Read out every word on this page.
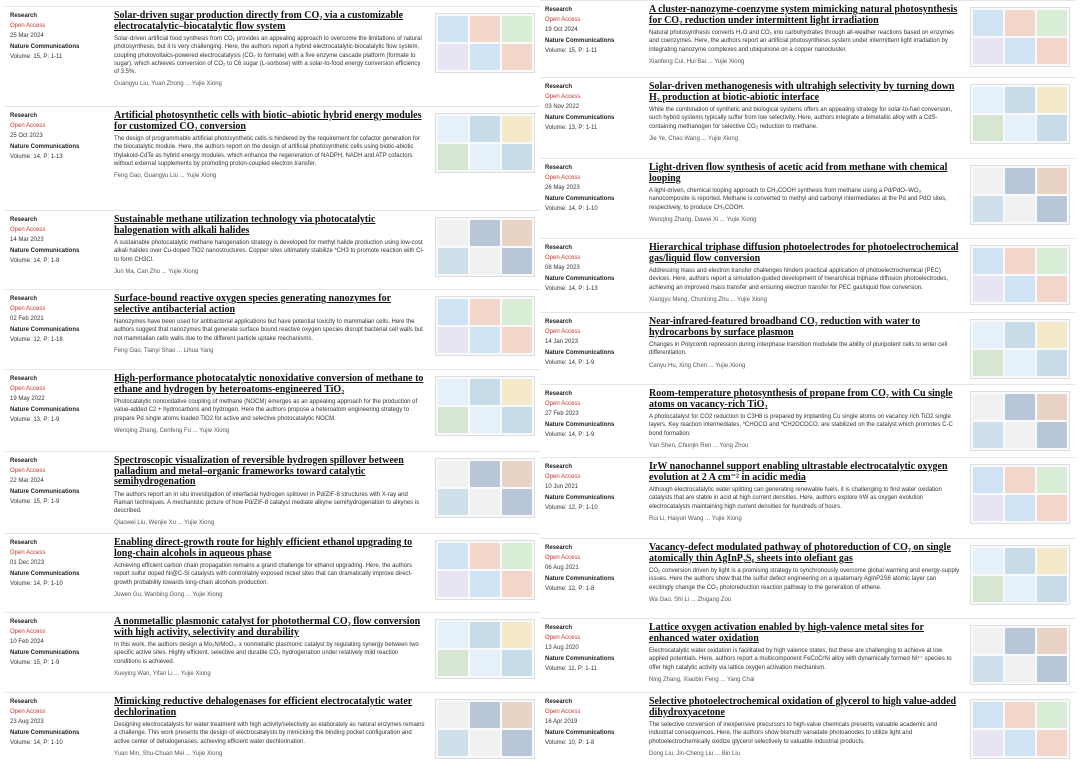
Research
Open Access
25 Mar 2024
Nature Communications
Volume: 15, P: 1-11
Solar-driven sugar production directly from CO₂ via a customizable electrocatalytic–biocatalytic flow system

Solar-driven artificial food synthesis from CO₂ provides an appealing approach to overcome the limitations of natural photosynthesis, but it is very challenging. Here, the authors report a hybrid electrocatalytic-biocatalytic flow system, coupling photovoltaics-powered electrocatalysis (CO₂ to formate) with a five enzyme cascade platform (formate to sugar), which achieves conversion of CO₂ to C6 sugar (L-sorbose) with a solar-to-food energy conversion efficiency of 3.5%.

Guangyu Liu, Yuan Zhong ... Yujie Xiong
Research
Open Access
25 Oct 2023
Nature Communications
Volume: 14, P: 1-13
Artificial photosynthetic cells with biotic–abiotic hybrid energy modules for customized CO₂ conversion

The design of programmable artificial photosynthetic cells is hindered by the requirement for cofactor generation for the biocatalytic module. Here, the authors report on the design of artificial photosynthetic cells using biotic-abiotic thylakoid-CdTe as hybrid energy modules, which enhance the regeneration of NADPH, NADH and ATP cofactors without external supplements by promoting proton-coupled electron transfer.

Feng Gao, Guangyu Liu ... Yujie Xiong
Research
Open Access
14 Mar 2023
Nature Communications
Volume: 14, P: 1-8
Sustainable methane utilization technology via photocatalytic halogenation with alkali halides

A sustainable photocatalytic methane halogenation strategy is developed for methyl halide production using low-cost alkali halides over Cu-doped TiO2 nanostructures. Copper sites ultimately stabilize *CH3 to promote reaction with Cl- to form CH3Cl.

Jun Ma, Can Zhu ... Yujie Xiong
Research
Open Access
02 Feb 2021
Nature Communications
Volume: 12, P: 1-18
Surface-bound reactive oxygen species generating nanozymes for selective antibacterial action

Nanozymes have been used for antibacterial applications but have potential toxicity to mammalian cells. Here the authors suggest that nanozymes that generate surface bound reactive oxygen species disrupt bacterial cell walls but not mammalian cells walls due to the different particle uptake mechanisms.

Feng Gao, Tianyi Shao ... Lihua Yang
Research
Open Access
19 May 2022
Nature Communications
Volume: 13, P: 1-9
High-performance photocatalytic nonoxidative conversion of methane to ethane and hydrogen by heteroatoms-engineered TiO₂

Photocatalytic nonoxidative coupling of methane (NOCM) emerges as an appealing approach for the production of value-added C2 + hydrocarbons and hydrogen. Here the authors propose a heteroatom engineering strategy to prepare Pd single atoms loaded TiO2 for active and selective photocatalytic NOCM.

Wenqing Zhang, Cenfeng Fu ... Yujie Xiong
Research
Open Access
22 Mar 2024
Nature Communications
Volume: 15, P: 1-9
Spectroscopic visualization of reversible hydrogen spillover between palladium and metal–organic frameworks toward catalytic semihydrogenation

The authors report an in situ investigation of interfacial hydrogen spillover in Pd/ZIF-8 structures with X-ray and Raman techniques. A mechanistic picture of how Pd/ZIF-8 catalyst mediate alkyne semihydrogenation to alkynes is described.

Qiaowei Liu, Wenjie Xu ... Yujie Xiong
Research
Open Access
01 Dec 2023
Nature Communications
Volume: 14, P: 1-10
Enabling direct-growth route for highly efficient ethanol upgrading to long-chain alcohols in aqueous phase

Achieving efficient carbon chain propagation remains a grand challenge for ethanol upgrading. Here, the authors report sulfur doped Ni@C-Si catalysts with controllably exposed nickel sites that can dramatically improve direct-growth probability towards long-chain alcohols production.

Juwen Gu, Wanbing Gong ... Yujie Xiong
Research
Open Access
10 Feb 2024
Nature Communications
Volume: 15, P: 1-9
A nonmetallic plasmonic catalyst for photothermal CO₂ flow conversion with high activity, selectivity and durability

In this work, the authors design a Mo₂N/MoO₃₋x nonmetallic plasmonic catalyst by regulating synergy between two specific active sites. Highly efficient, selective and durable CO₂ hydrogenation under relatively mild reaction conditions is achieved.

Xueying Wan, Yifan Li ... Yujie Xiong
Research
Open Access
23 Aug 2023
Nature Communications
Volume: 14, P: 1-10
Mimicking reductive dehalogenases for efficient electrocatalytic water dechlorination

Designing electrocatalysts for water treatment with high activity/selectivity as elaborately as natural enzymes remains a challenge. This work presents the design of electrocatalysts by mimicking the binding pocket configuration and active center of dehalogenases, achieving efficient water dechlorination.

Yuan Min, Shu-Chuan Mei ... Yujie Xiong
Research
Open Access
19 Oct 2024
Nature Communications
Volume: 15, P: 1-11
A cluster-nanozyme-coenzyme system mimicking natural photosynthesis for CO₂ reduction under intermittent light irradiation

Natural photosynthesis converts H₂O and CO₂ into carbohydrates through all-weather reactions based on enzymes and coenzymes. Here, the authors report an artificial photosynthesis system under intermittent light irradiation by integrating nanozyme complexes and ubiquinone on a copper nanocluster.

Xiaofeng Cui, Hui Bai ... Yujie Xiong
Research
Open Access
03 Nov 2022
Nature Communications
Volume: 13, P: 1-11
Solar-driven methanogenesis with ultrahigh selectivity by turning down H₂ production at biotic-abiotic interface

While the combination of synthetic and biological systems offers an appealing strategy for solar-to-fuel conversion, such hybrid systems typically suffer from low selectivity. Here, authors integrate a bimetallic alloy with a CdS-containing methanogen for selective CO₂ reduction to methane.

Jie Ye, Chao Wang ... Yujie Xiong
Research
Open Access
26 May 2023
Nature Communications
Volume: 14, P: 1-10
Light-driven flow synthesis of acetic acid from methane with chemical looping

A light-driven, chemical looping approach to CH₃COOH synthesis from methane using a Pd/PdO–WO₃ nanocomposite is reported. Methane is converted to methyl and carbonyl intermediates at the Pd and PdO sites, respectively, to produce CH₃COOH.

Wenqing Zhang, Dawei Xi ... Yujie Xiong
Research
Open Access
08 May 2023
Nature Communications
Volume: 14, P: 1-13
Hierarchical triphase diffusion photoelectrodes for photoelectrochemical gas/liquid flow conversion

Addressing mass and electron transfer challenges hinders practical application of photoelectrochemical (PEC) devices. Here, authors report a simulation-guided development of hierarchical triphase diffusion photoelectrodes, achieving an improved mass transfer and ensuring electron transfer for PEC gas/liquid flow conversion.

Xiangyu Meng, Chuntong Zhu ... Yujie Xiong
Research
Open Access
14 Jan 2023
Nature Communications
Volume: 14, P: 1-9
Near-infrared-featured broadband CO₂ reduction with water to hydrocarbons by surface plasmon

Changes in Polycomb repression during interphase transition modulate the ability of pluripotent cells to enter cell differentiation.

Canyu Hu, Xing Chen ... Yujie Xiong
Research
Open Access
27 Feb 2023
Nature Communications
Volume: 14, P: 1-9
Room-temperature photosynthesis of propane from CO₂ with Cu single atoms on vacancy-rich TiO₂

A photocatalyst for CO2 reduction to C3H8 is prepared by implanting Cu single atoms on vacancy rich TiO2 single layers. Key reaction intermediates, *CHOCO and *CH2OCOCO, are stabilized on the catalyst which promotes C-C bond formation.

Yan Shen, Chunjin Ren ... Yong Zhou
Research
Open Access
10 Jun 2021
Nature Communications
Volume: 12, P: 1-10
IrW nanochannel support enabling ultrastable electrocatalytic oxygen evolution at 2 A cm⁻² in acidic media

Although electrocatalytic water splitting can generating renewable fuels, it is challenging to find water oxidation catalysts that are stable in acid at high current densities. Here, authors explore IrW as oxygen evolution electrocatalysts maintaining high current densities for hundreds of hours.

Rui Li, Haiyun Wang ... Yujie Xiong
Research
Open Access
06 Aug 2021
Nature Communications
Volume: 12, P: 1-8
Vacancy-defect modulated pathway of photoreduction of CO₂ on single atomically thin AgInP₂S₆ sheets into olefiant gas

CO₂ conversion driven by light is a promising strategy to synchronously overcome global warming and energy-supply issues. Here the authors show that the sulfur defect engineering on a quaternary AgInP2S6 atomic layer can excitingly change the CO₂ photoreduction reaction pathway to the generation of ethene.

Wa Gao, Shi Li ... Zhigang Zou
Research
Open Access
13 Aug 2020
Nature Communications
Volume: 11, P: 1-11
Lattice oxygen activation enabled by high-valence metal sites for enhanced water oxidation

Electrocatalytic water oxidation is facilitated by high valence states, but these are challenging to achieve at low applied potentials. Here, authors report a multicomponent FeCoCrNi alloy with dynamically formed Ni⁴⁺ species to offer high catalytic activity via lattice oxygen activation mechanism.

Ning Zhang, Xiaobin Feng ... Yang Chai
Research
Open Access
16 Apr 2019
Nature Communications
Volume: 10, P: 1-8
Selective photoelectrochemical oxidation of glycerol to high value-added dihydroxyacetone

The selective conversion of inexpensive precursors to high-value chemicals presents valuable academic and industrial consequences. Here, the authors show bismuth vanadate photoanodes to utilize light and photoelectrochemically oxidize glycerol selectively to valuable industrial products.

Dong Liu, Jin-Cheng Liu ... Bin Liu
